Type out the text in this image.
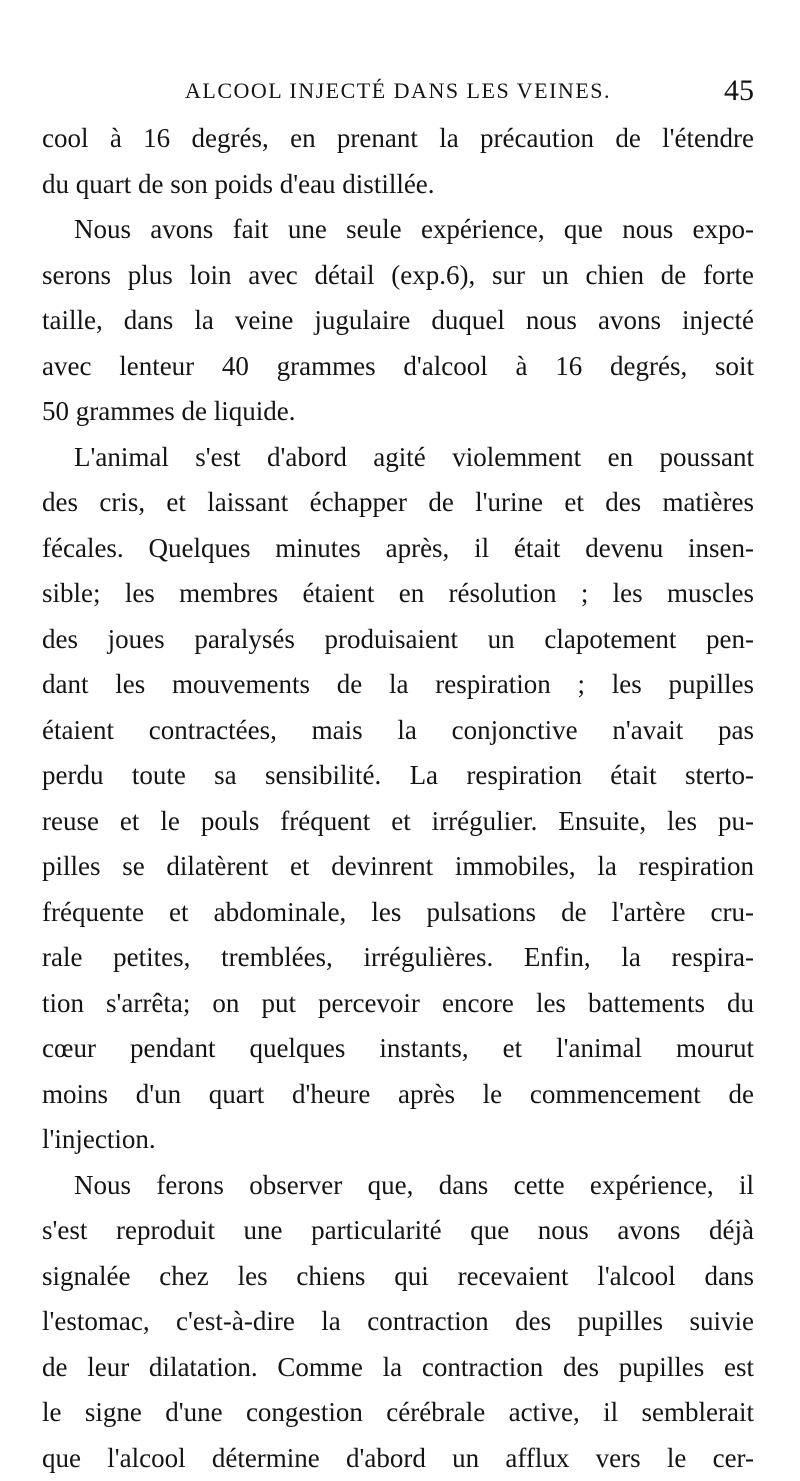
ALCOOL INJECTÉ DANS LES VEINES.	45
cool à 16 degrés, en prenant la précaution de l'étendre
du quart de son poids d'eau distillée.
Nous avons fait une seule expérience, que nous expo-
serons plus loin avec détail (exp.6), sur un chien de forte
taille, dans la veine jugulaire duquel nous avons injecté
avec lenteur 40 grammes d'alcool à 16 degrés, soit
50 grammes de liquide.
L'animal s'est d'abord agité violemment en poussant
des cris, et laissant échapper de l'urine et des matières
fécales. Quelques minutes après, il était devenu insen-
sible; les membres étaient en résolution ; les muscles
des joues paralysés produisaient un clapotement pen-
dant les mouvements de la respiration ; les pupilles
étaient contractées, mais la conjonctive n'avait pas
perdu toute sa sensibilité. La respiration était sterto-
reuse et le pouls fréquent et irrégulier. Ensuite, les pu-
pilles se dilatèrent et devinrent immobiles, la respiration
fréquente et abdominale, les pulsations de l'artère cru-
rale petites, tremblées, irrégulières. Enfin, la respira-
tion s'arrêta; on put percevoir encore les battements du
cœur pendant quelques instants, et l'animal mourut
moins d'un quart d'heure après le commencement de
l'injection.
Nous ferons observer que, dans cette expérience, il
s'est reproduit une particularité que nous avons déjà
signalée chez les chiens qui recevaient l'alcool dans
l'estomac, c'est-à-dire la contraction des pupilles suivie
de leur dilatation. Comme la contraction des pupilles est
le signe d'une congestion cérébrale active, il semblerait
que l'alcool détermine d'abord un afflux vers le cer-
